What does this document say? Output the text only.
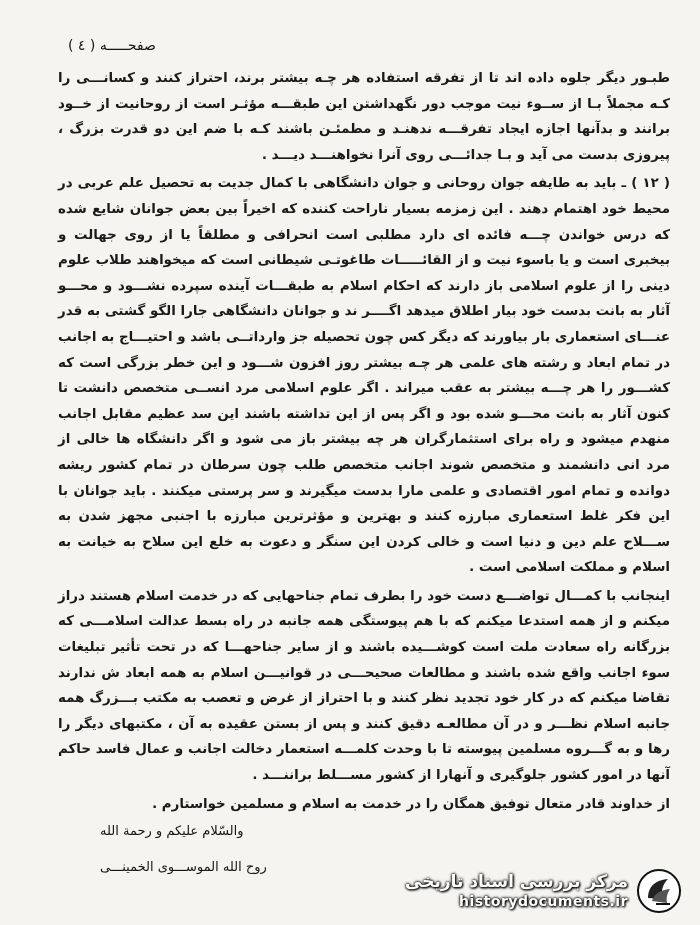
صفحـــــه ( ٤ )

طبـور دیگر جلوه داده اند تا از تفرقه استفاده هر چـه بیشتر برند، احتراز کنند و کسانـــی را کـه مجملاً بـا از ســوء نیت موجب دور نگهداشتن این طبقـــه مؤثـر است از روحانیت از خــود برانند و بدآنها اجازه ایجاد تفرقـــه ندهنـد و مطمئـن باشند کـه با ضم این دو قدرت بزرگ ، پیروزی بدست می آید و بـا جدائـــی روی آنرا نخواهنـــد دیـــد .

( ١٢ ) ـ باید به طایفه جوان روحانی و جوان دانشگاهی با کمال جدیت به تحصیل علم عربی در محیط خود اهتمام دهند . این زمزمه بسیار ناراحت کننده که اخیراً بین بعض جوانان شایع شده که درس خواندن چـــه فائده ای دارد مطلبی است انحرافی و مطلقاً یا از روی جهالت و بیخبری است و یا باسوء نیت و از القائـــــات طاغوتـی شیطانی است که میخواهند طلاب علوم دینی را از علوم اسلامی باز دارند که احکام اسلام به طبقـــات آینده سپرده نشـــود و محـــو آثار به بانت بدست خود بیار اطلاق میدهد اگــــر ند و جوانان دانشگاهی جارا الگو گشتی به قدر عنـــای استعماری بار بیاورند که دیگر کس چون تحصیله جز وارداتــی باشد و احتیـــاج به اجانب در تمام ابعاد و رشته های علمی هر چـه بیشتر روز افزون شـــود و این خطر بزرگی است که کشـــور را هر چـــه بیشتر به عقب میراند . اگر علوم اسلامی مرد انســی متخصص دانشت تا کنون آثار به بانت محـــو شده بود و اگر پس از این تداشته باشند این سد عظیم مقابل اجانب منهدم میشود و راه برای استثمارگران هر چه بیشتر باز می شود و اگر دانشگاه ها خالی از مرد انی دانشمند و متخصص شوند اجانب متخصص طلب چون سرطان در تمام کشور ریشه دوانده و تمام امور اقتصادی و علمی مارا بدست میگیرند و سر پرستی میکنند . باید جوانان با این فکر غلط استعماری مبارزه کنند و بهترین و مؤثرترین مبارزه با اجنبی مجهز شدن به ســـلاح علم دین و دنیا است و خالی کردن این سنگر و دعوت به خلع این سلاح به خیانت به اسلام و مملکت اسلامی است .

اینجانب با کمـــال تواضـــع دست خود را بطرف تمام جناحهایی که در خدمت اسلام هستند دراز میکنم و از همه استدعا میکنم که با هم پیوستگی همه جانبه در راه بسط عدالت اسلامـــی که بزرگانه راه سعادت ملت است کوشـــیده باشند و از سایر جناحهـــا که در تحت تأثیر تبلیغات سوء اجانب واقع شده باشند و مطالعات صحیحـــی در قوانیـــن اسلام به همه ابعاد ش ندارند تقاضا میکنم که در کار خود تجدید نظر کنند و با احتراز از غرض و تعصب به مکتب بـــزرگ همه جانبه اسلام نظـــر و در آن مطالعـه دقیق کنند و پس از بستن عقیده به آن ، مکتبهای دیگر را رها و به گـــروه مسلمین پیوسته تا با وحدت کلمـــه استعمار دخالت اجانب و عمال فاسد حاکم آنها در امور کشور جلوگیری و آنهارا از کشور مســـلط براننـــد .

از خداوند قادر متعال توفیق همگان را در خدمت به اسلام و مسلمین خواستارم .

والسّلام علیکم و رحمة الله
روح الله الموســـوی الخمینـــی
مرکز بررسی اسناد تاریخی
historydocuments.ir
